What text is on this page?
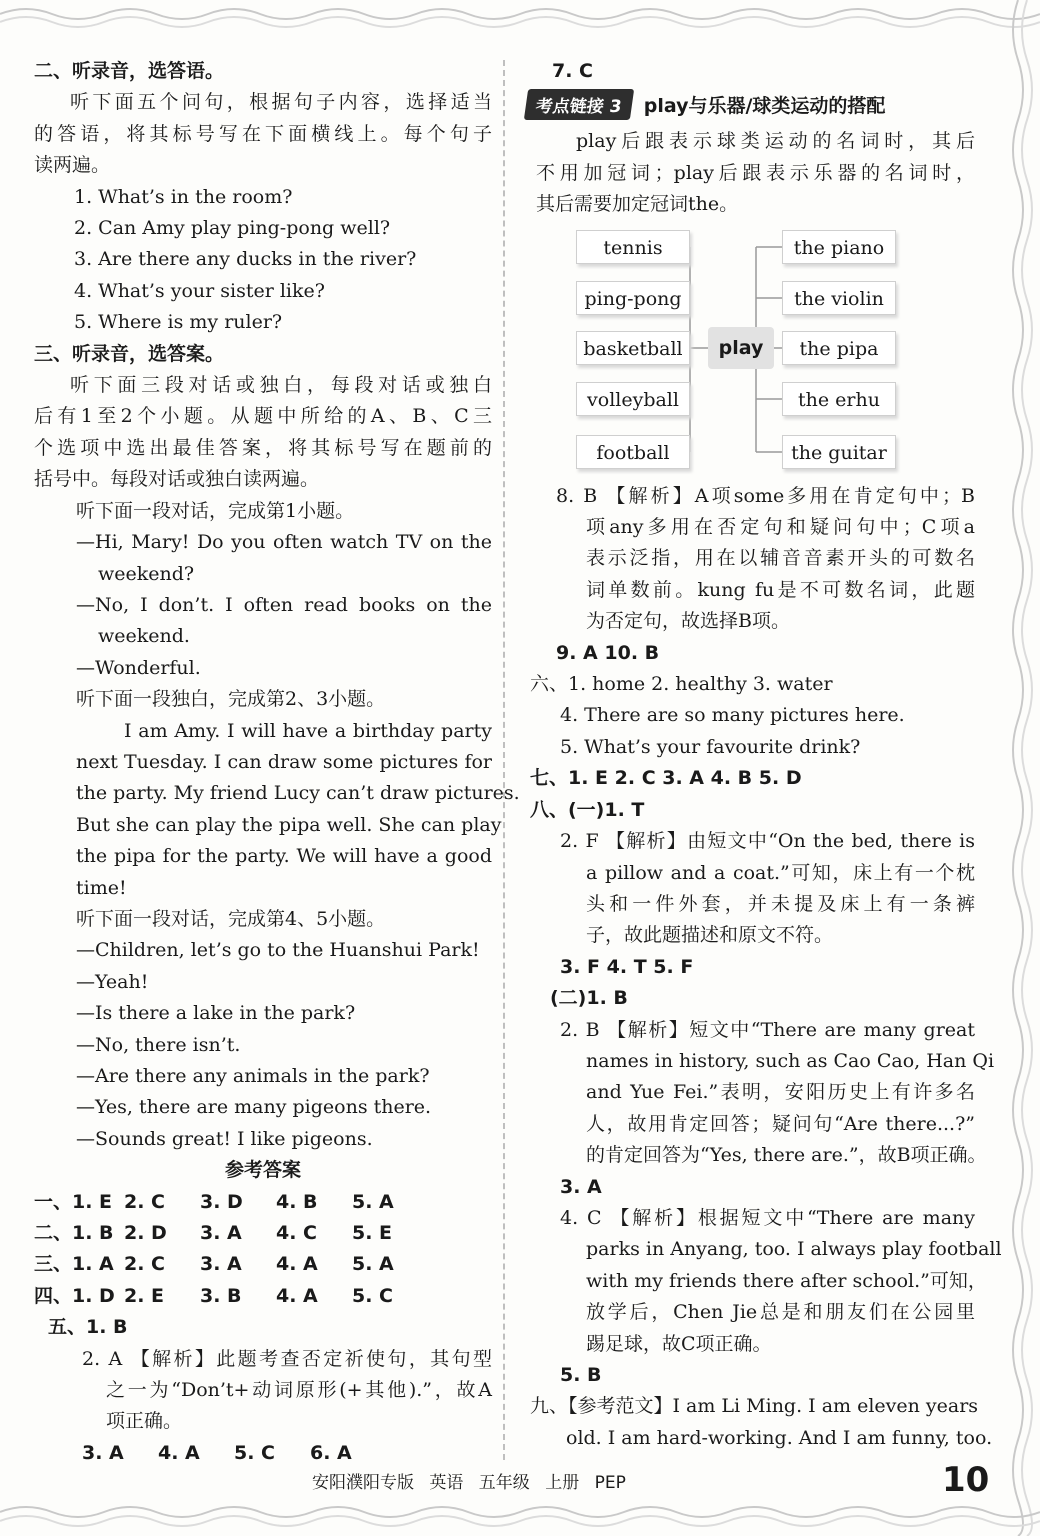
二、听录音，选答语。
听下面五个问句，根据句子内容，选择适当
的答语，将其标号写在下面横线上。每个句子
读两遍。
1. What’s in the room?
2. Can Amy play ping-pong well?
3. Are there any ducks in the river?
4. What’s your sister like?
5. Where is my ruler?
三、听录音，选答案。
听下面三段对话或独白，每段对话或独白
后有1至2个小题。从题中所给的A、B、C三
个选项中选出最佳答案，将其标号写在题前的
括号中。每段对话或独白读两遍。
听下面一段对话，完成第1小题。
—Hi, Mary! Do you often watch TV on the
weekend?
—No, I don’t. I often read books on the
weekend.
—Wonderful.
听下面一段独白，完成第2、3小题。
I am Amy. I will have a birthday party
next Tuesday. I can draw some pictures for
the party. My friend Lucy can’t draw pictures.
But she can play the pipa well. She can play
the pipa for the party. We will have a good
time!
听下面一段对话，完成第4、5小题。
—Children, let’s go to the Huanshui Park!
—Yeah!
—Is there a lake in the park?
—No, there isn’t.
—Are there any animals in the park?
—Yes, there are many pigeons there.
—Sounds great! I like pigeons.
参考答案
一、1. E 2. C	3. D	4. B	5. A
二、1. B 2. D	3. A	4. C	5. E
三、1. A 2. C	3. A	4. A	5. A
四、1. D 2. E	3. B	4. A	5. C
五、1. B
2. A 【解析】此题考查否定祈使句，其句型
之一为“Don’t+动词原形(+其他).”，故A
项正确。
3. A	4. A	5. C	6. A
7. C
考点链接 3	play与乐器/球类运动的搭配
play后跟表示球类运动的名词时，其后
不用加冠词；play后跟表示乐器的名词时，
其后需要加定冠词the。
tennis
ping-pong
basketball
volleyball
football
play
the piano
the violin
the pipa
the erhu
the guitar
8. B 【解析】A项some多用在肯定句中；B
项any多用在否定句和疑问句中；C项a
表示泛指，用在以辅音音素开头的可数名
词单数前。kung fu是不可数名词，此题
为否定句，故选择B项。
9. A 10. B
六、1. home 2. healthy 3. water
4. There are so many pictures here.
5. What’s your favourite drink?
七、1. E 2. C 3. A 4. B 5. D
八、(一)1. T
2. F 【解析】由短文中“On the bed, there is
a pillow and a coat.”可知，床上有一个枕
头和一件外套，并未提及床上有一条裤
子，故此题描述和原文不符。
3. F 4. T 5. F
(二)1. B
2. B 【解析】短文中“There are many great
names in history, such as Cao Cao, Han Qi
and Yue Fei.”表明，安阳历史上有许多名
人，故用肯定回答；疑问句“Are there...?”
的肯定回答为“Yes, there are.”，故B项正确。
3. A
4. C 【解析】根据短文中“There are many
parks in Anyang, too. I always play football
with my friends there after school.”可知，
放学后，Chen Jie总是和朋友们在公园里
踢足球，故C项正确。
5. B
九、【参考范文】I am Li Ming. I am eleven years
old. I am hard-working. And I am funny, too.
安阳濮阳专版 英语 五年级 上册 PEP	10
